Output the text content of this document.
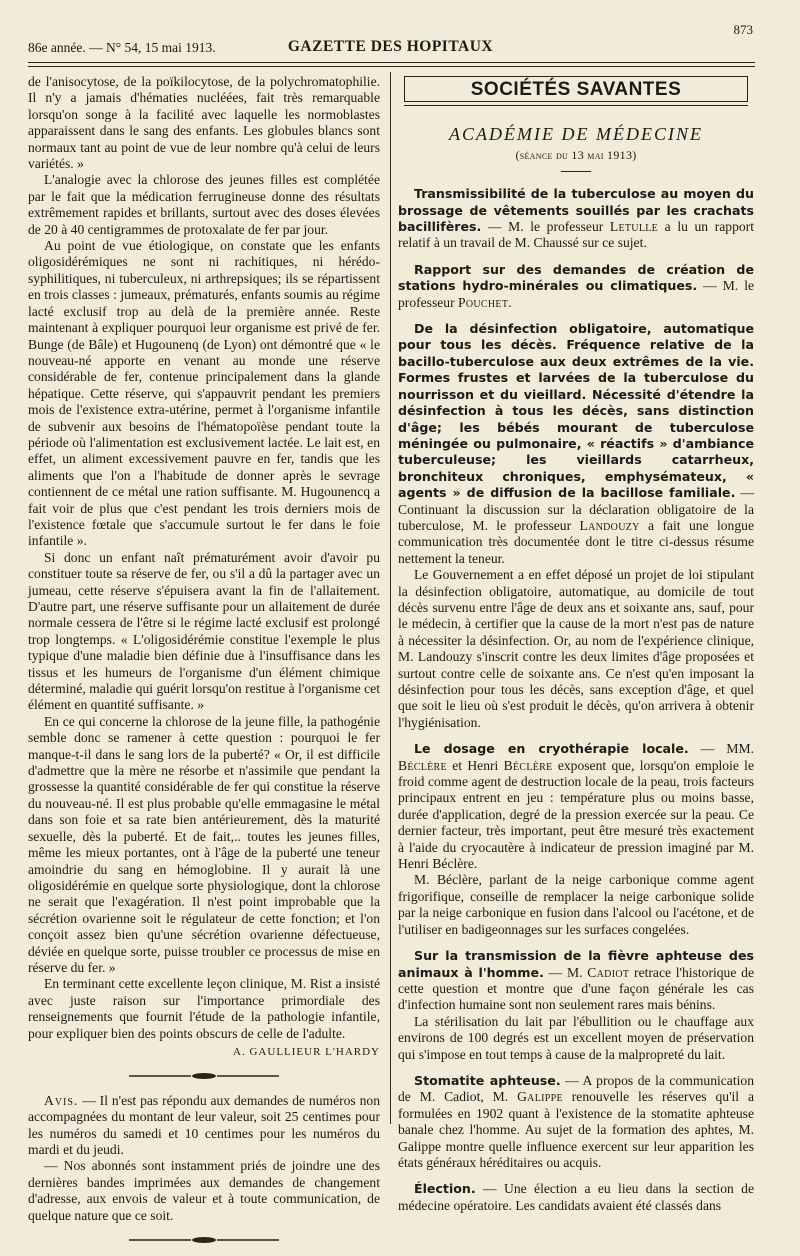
86e année. — N° 54, 15 mai 1913.	GAZETTE DES HOPITAUX
873

de l'anisocytose, de la poïkilocytose, de la polychromatophilie. Il n'y a jamais d'hématies nucléées, fait très remarquable lorsqu'on songe à la facilité avec laquelle les normoblastes apparaissent dans le sang des enfants. Les globules blancs sont normaux tant au point de vue de leur nombre qu'à celui de leurs variétés. »

L'analogie avec la chlorose des jeunes filles est complétée par le fait que la médication ferrugineuse donne des résultats extrêmement rapides et brillants, surtout avec des doses élevées de 20 à 40 centigrammes de protoxalate de fer par jour.

Au point de vue étiologique, on constate que les enfants oligosidérémiques ne sont ni rachitiques, ni hérédo-syphilitiques, ni tuberculeux, ni arthrepsiques; ils se répartissent en trois classes : jumeaux, prématurés, enfants soumis au régime lacté exclusif trop au delà de la première année. Reste maintenant à expliquer pourquoi leur organisme est privé de fer. Bunge (de Bâle) et Hugounenq (de Lyon) ont démontré que « le nouveau-né apporte en venant au monde une réserve considérable de fer, contenue principalement dans la glande hépatique. Cette réserve, qui s'appauvrit pendant les premiers mois de l'existence extra-utérine, permet à l'organisme infantile de subvenir aux besoins de l'hématopoïèse pendant toute la période où l'alimentation est exclusivement lactée. Le lait est, en effet, un aliment excessivement pauvre en fer, tandis que les aliments que l'on a l'habitude de donner après le sevrage contiennent de ce métal une ration suffisante. M. Hugounencq a fait voir de plus que c'est pendant les trois derniers mois de l'existence fœtale que s'accumule surtout le fer dans le foie infantile ».

Si donc un enfant naît prématurément avoir d'avoir pu constituer toute sa réserve de fer, ou s'il a dû la partager avec un jumeau, cette réserve s'épuisera avant la fin de l'allaitement. D'autre part, une réserve suffisante pour un allaitement de durée normale cessera de l'être si le régime lacté exclusif est prolongé trop longtemps. « L'oligosidérémie constitue l'exemple le plus typique d'une maladie bien définie due à l'insuffisance dans les tissus et les humeurs de l'organisme d'un élément chimique déterminé, maladie qui guérit lorsqu'on restitue à l'organisme cet élément en quantité suffisante. »

En ce qui concerne la chlorose de la jeune fille, la pathogénie semble donc se ramener à cette question : pourquoi le fer manque-t-il dans le sang lors de la puberté? « Or, il est difficile d'admettre que la mère ne résorbe et n'assimile que pendant la grossesse la quantité considérable de fer qui constitue la réserve du nouveau-né. Il est plus probable qu'elle emmagasine le métal dans son foie et sa rate bien antérieurement, dès la maturité sexuelle, dès la puberté. Et de fait,.. toutes les jeunes filles, même les mieux portantes, ont à l'âge de la puberté une teneur amoindrie du sang en hémoglobine. Il y aurait là une oligosidérémie en quelque sorte physiologique, dont la chlorose ne serait que l'exagération. Il n'est point improbable que la sécrétion ovarienne soit le régulateur de cette fonction; et l'on conçoit assez bien qu'une sécrétion ovarienne défectueuse, déviée en quelque sorte, puisse troubler ce processus de mise en réserve du fer. »

En terminant cette excellente leçon clinique, M. Rist a insisté avec juste raison sur l'importance primordiale des renseignements que fournit l'étude de la pathologie infantile, pour expliquer bien des points obscurs de celle de l'adulte.

A. GAULLIEUR L'HARDY

Avis. — Il n'est pas répondu aux demandes de numéros non accompagnées du montant de leur valeur, soit 25 centimes pour les numéros du samedi et 10 centimes pour les numéros du mardi et du jeudi.

— Nos abonnés sont instamment priés de joindre une des dernières bandes imprimées aux demandes de changement d'adresse, aux envois de valeur et à toute communication, de quelque nature que ce soit.

SOCIÉTÉS SAVANTES
ACADÉMIE DE MÉDECINE
(séance du 13 mai 1913)

Transmissibilité de la tuberculose au moyen du brossage de vêtements souillés par les crachats bacillifères. — M. le professeur Letulle a lu un rapport relatif à un travail de M. Chaussé sur ce sujet.

Rapport sur des demandes de création de stations hydro-minérales ou climatiques. — M. le professeur Pouchet.

De la désinfection obligatoire, automatique pour tous les décès. Fréquence relative de la bacillo-tuberculose aux deux extrêmes de la vie. Formes frustes et larvées de la tuberculose du nourrisson et du vieillard. Nécessité d'étendre la désinfection à tous les décès, sans distinction d'âge; les bébés mourant de tuberculose méningée ou pulmonaire, « réactifs » d'ambiance tuberculeuse; les vieillards catarrheux, bronchiteux chroniques, emphysémateux, « agents » de diffusion de la bacillose familiale. — Continuant la discussion sur la déclaration obligatoire de la tuberculose, M. le professeur Landouzy a fait une longue communication très documentée dont le titre ci-dessus résume nettement la teneur.

Le Gouvernement a en effet déposé un projet de loi stipulant la désinfection obligatoire, automatique, au domicile de tout décès survenu entre l'âge de deux ans et soixante ans, sauf, pour le médecin, à certifier que la cause de la mort n'est pas de nature à nécessiter la désinfection. Or, au nom de l'expérience clinique, M. Landouzy s'inscrit contre les deux limites d'âge proposées et surtout contre celle de soixante ans. Ce n'est qu'en imposant la désinfection pour tous les décès, sans exception d'âge, et quel que soit le lieu où s'est produit le décès, qu'on arrivera à obtenir l'hygiénisation.

Le dosage en cryothérapie locale. — MM. Béclère et Henri Béclère exposent que, lorsqu'on emploie le froid comme agent de destruction locale de la peau, trois facteurs principaux entrent en jeu : température plus ou moins basse, durée d'application, degré de la pression exercée sur la peau. Ce dernier facteur, très important, peut être mesuré très exactement à l'aide du cryocautère à indicateur de pression imaginé par M. Henri Béclère.

M. Béclère, parlant de la neige carbonique comme agent frigorifique, conseille de remplacer la neige carbonique solide par la neige carbonique en fusion dans l'alcool ou l'acétone, et de l'utiliser en badigeonnages sur les surfaces congelées.

Sur la transmission de la fièvre aphteuse des animaux à l'homme. — M. Cadiot retrace l'historique de cette question et montre que d'une façon générale les cas d'infection humaine sont non seulement rares mais bénins.

La stérilisation du lait par l'ébullition ou le chauffage aux environs de 100 degrés est un excellent moyen de préservation qui s'impose en tout temps à cause de la malpropreté du lait.

Stomatite aphteuse. — A propos de la communication de M. Cadiot, M. Galippe renouvelle les réserves qu'il a formulées en 1902 quant à l'existence de la stomatite aphteuse banale chez l'homme. Au sujet de la formation des aphtes, M. Galippe montre quelle influence exercent sur leur apparition les états généraux héréditaires ou acquis.

Élection. — Une élection a eu lieu dans la section de médecine opératoire. Les candidats avaient été classés dans
